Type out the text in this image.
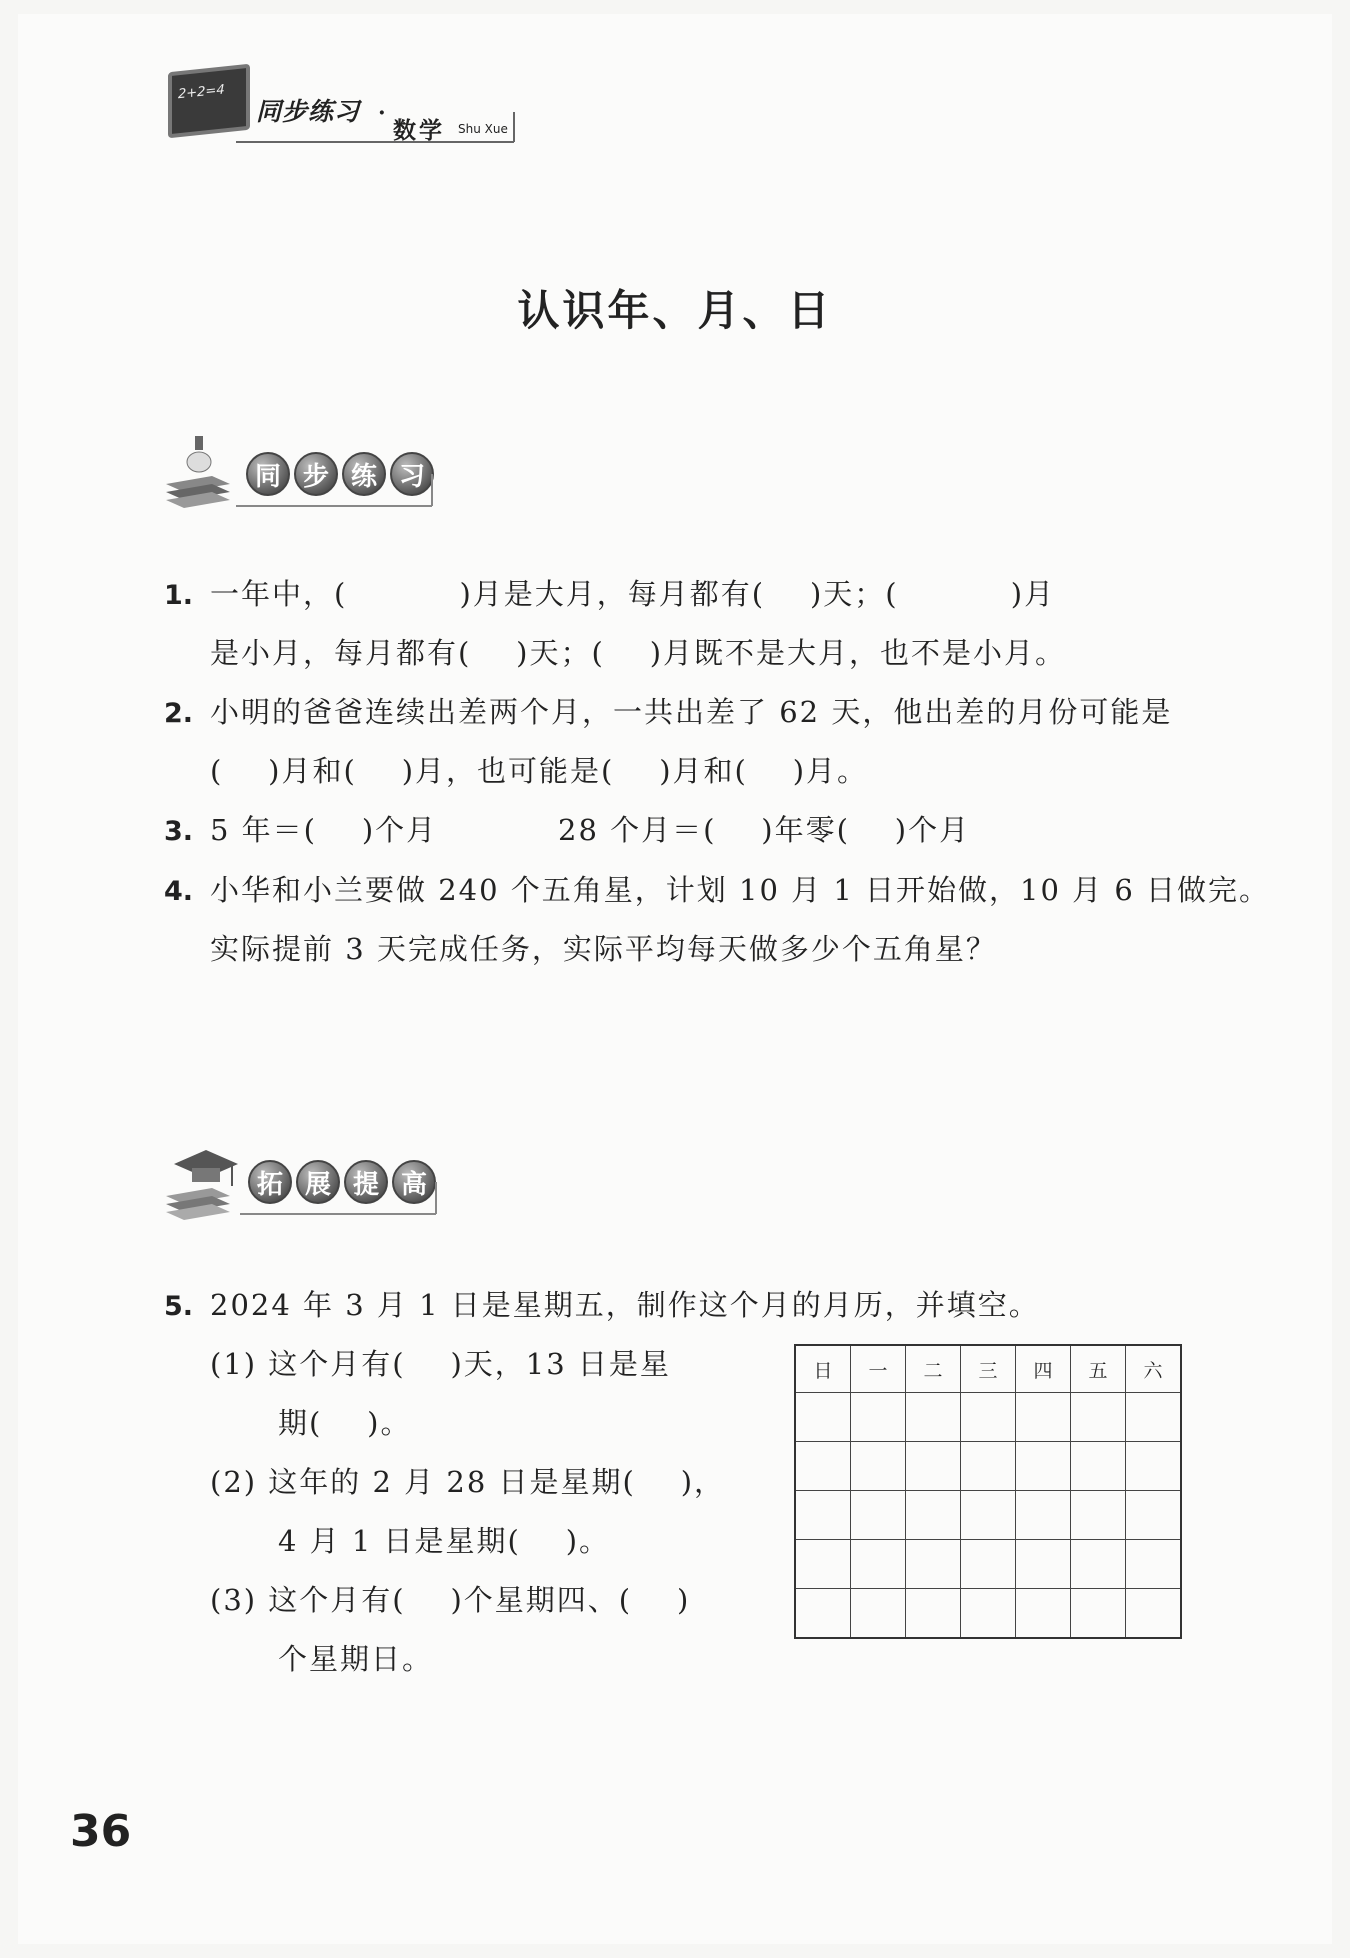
2+2=4
同步练习 ·
数学 Shu Xue
认识年、月、日
同 步 练 习
1. 一年中，(          )月是大月，每月都有(    )天；(          )月
是小月，每月都有(    )天；(    )月既不是大月，也不是小月。
2. 小明的爸爸连续出差两个月，一共出差了 62 天，他出差的月份可能是
(    )月和(    )月，也可能是(    )月和(    )月。
3. 5 年＝(    )个月	28 个月＝(    )年零(    )个月
4. 小华和小兰要做 240 个五角星，计划 10 月 1 日开始做，10 月 6 日做完。
实际提前 3 天完成任务，实际平均每天做多少个五角星？
拓 展 提 高
5. 2024 年 3 月 1 日是星期五，制作这个月的月历，并填空。
(1) 这个月有(    )天，13 日是星
期(    )。
(2) 这年的 2 月 28 日是星期(    )，
4 月 1 日是星期(    )。
(3) 这个月有(    )个星期四、(    )
个星期日。
日	一	二	三	四	五	六

36
